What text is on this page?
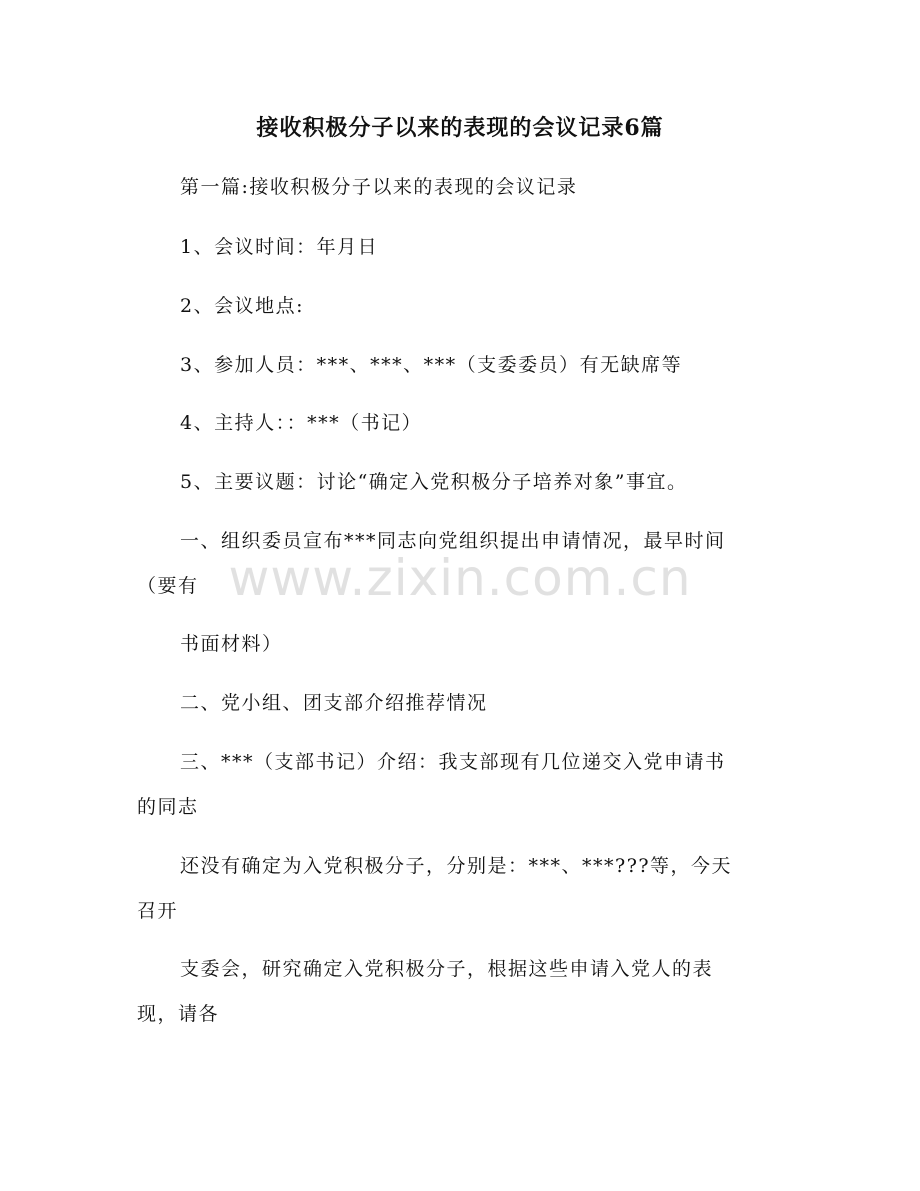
接收积极分子以来的表现的会议记录6篇
第一篇:接收积极分子以来的表现的会议记录
1、会议时间：年月日
2、会议地点:
3、参加人员：***、***、***（支委委员）有无缺席等
4、主持人：：***（书记）
5、主要议题：讨论“确定入党积极分子培养对象”事宜。
一、组织委员宣布***同志向党组织提出申请情况，最早时间
（要有
书面材料）
二、党小组、团支部介绍推荐情况
三、***（支部书记）介绍：我支部现有几位递交入党申请书
的同志
还没有确定为入党积极分子，分别是：***、***???等，今天
召开
支委会，研究确定入党积极分子，根据这些申请入党人的表
现，请各
www.zixin.com.cn
